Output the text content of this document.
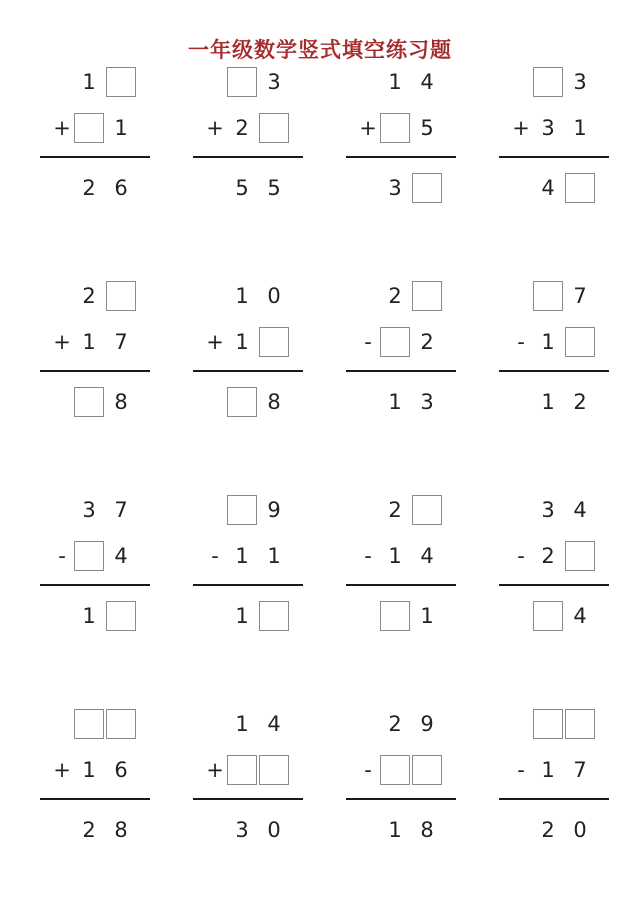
一年级数学竖式填空练习题
1
+	1
2 6
3
+ 2
5 5
1 4
+	5
3
3
+ 3 1
4
2
+ 1 7
8
1 0
+ 1
8
2
-	2
1 3
7
- 1
1 2
3 7
-	4
1
9
- 1 1
1
2
- 1 4
1
3 4
- 2
4
+ 1 6
2 8
1 4
+
3 0
2 9
-
1 8
- 1 7
2 0
